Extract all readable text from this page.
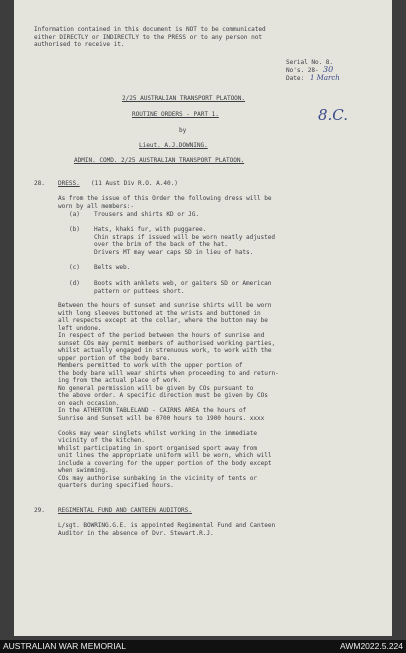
Information contained in this document is NOT to be communicated
either DIRECTLY or INDIRECTLY to the PRESS or to any person not
authorised to receive it.
Serial No. 8.
No's. 28- 30
Date: 1 March
2/25 AUSTRALIAN TRANSPORT PLATOON.
ROUTINE ORDERS - PART 1.	8.C.
by
Lieut. A.J.DOWNING.
ADMIN. COMD. 2/25 AUSTRALIAN TRANSPORT PLATOON.
28. DRESS. (11 Aust Div R.O. A.40.)
As from the issue of this Order the following dress will be
worn by all members:-
(a) Trousers and shirts KD or JG.
(b) Hats, khaki fur, with puggaree.
Chin straps if issued will be worn neatly adjusted
over the brim of the back of the hat.
Drivers MT may wear caps SD in lieu of hats.
(c) Belts web.
(d) Boots with anklets web, or gaiters SD or American
pattern or puttees short.
Between the hours of sunset and sunrise shirts will be worn
with long sleeves buttoned at the wrists and buttoned in
all respects except at the collar, where the button may be
left undone.
In respect of the period between the hours of sunrise and
sunset COs may permit members of authorised working parties,
whilst actually engaged in strenuous work, to work with the
upper portion of the body bare.
Members permitted to work with the upper portion of
the body bare will wear shirts when proceeding to and return-
ing from the actual place of work.
No general permission will be given by COs pursuant to
the above order. A specific direction must be given by COs
on each occasion.
In the ATHERTON TABLELAND - CAIRNS AREA the hours of
Sunrise and Sunset will be 0700 hours to 1900 hours. xxxx
Cooks may wear singlets whilst working in the immediate
vicinity of the kitchen.
Whilst participating in sport organised sport away from
unit lines the appropriate uniform will be worn, which will
include a covering for the upper portion of the body except
when swimming.
COs may authorise sunbaking in the vicinity of tents or
quarters during specified hours.
29. REGIMENTAL FUND AND CANTEEN AUDITORS.
L/sgt. BOWRING.G.E. is appointed Regimental Fund and Canteen
Auditor in the absence of Dvr. Stewart.R.J.
AUSTRALIAN WAR MEMORIAL	AWM2022.5.224
